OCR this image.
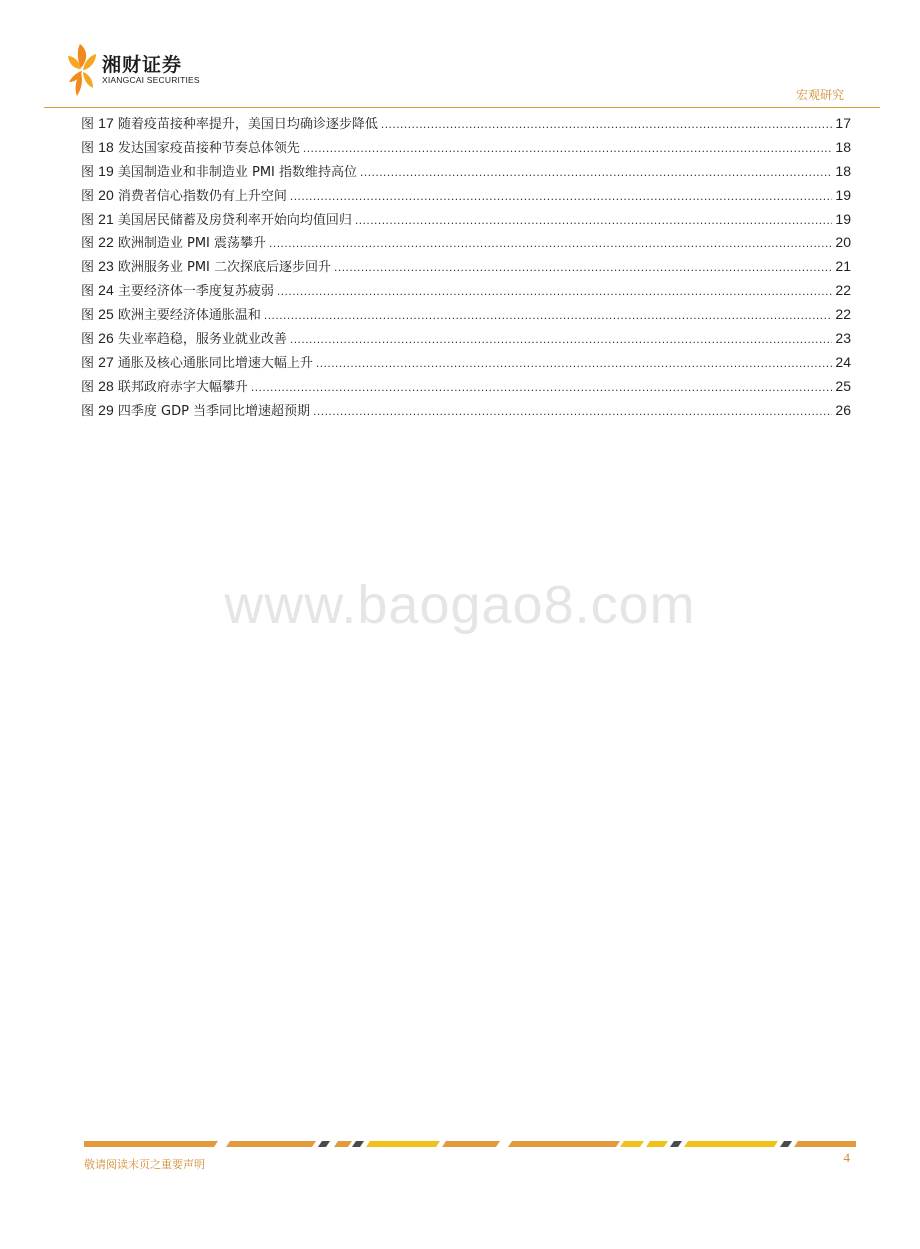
湘财证券
XIANGCAI SECURITIES
宏观研究
图 17 随着疫苗接种率提升，美国日均确诊逐步降低 .....	17
图 18 发达国家疫苗接种节奏总体领先 .....	18
图 19 美国制造业和非制造业 PMI 指数维持高位 .....	18
图 20 消费者信心指数仍有上升空间 .....	19
图 21 美国居民储蓄及房贷利率开始向均值回归 .....	19
图 22 欧洲制造业 PMI 震荡攀升 .....	20
图 23 欧洲服务业 PMI 二次探底后逐步回升 .....	21
图 24 主要经济体一季度复苏疲弱 .....	22
图 25 欧洲主要经济体通胀温和 .....	22
图 26 失业率趋稳，服务业就业改善 .....	23
图 27 通胀及核心通胀同比增速大幅上升 .....	24
图 28 联邦政府赤字大幅攀升 .....	25
图 29 四季度 GDP 当季同比增速超预期 .....	26
www.baogao8.com
敬请阅读末页之重要声明	4
